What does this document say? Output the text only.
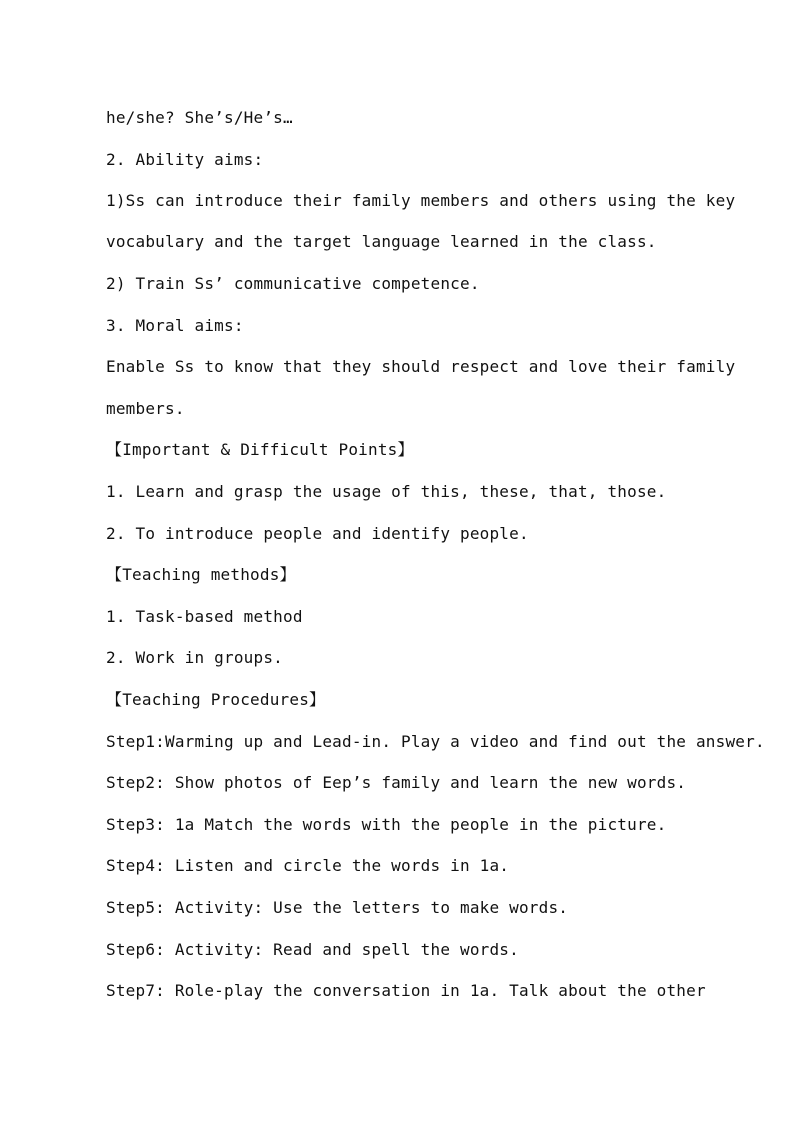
he/she? She’s/He’s…
2. Ability aims:
1)Ss can introduce their family members and others using the key
vocabulary and the target language learned in the class.
2) Train Ss’ communicative competence.
3. Moral aims:
Enable Ss to know that they should respect and love their family
members.
【Important & Difficult Points】
1. Learn and grasp the usage of this, these, that, those.
2. To introduce people and identify people.
【Teaching methods】
1. Task-based method
2. Work in groups.
【Teaching Procedures】
Step1:Warming up and Lead-in. Play a video and find out the answer.
Step2: Show photos of Eep’s family and learn the new words.
Step3: 1a Match the words with the people in the picture.
Step4: Listen and circle the words in 1a.
Step5: Activity: Use the letters to make words.
Step6: Activity: Read and spell the words.
Step7: Role-play the conversation in 1a. Talk about the other
